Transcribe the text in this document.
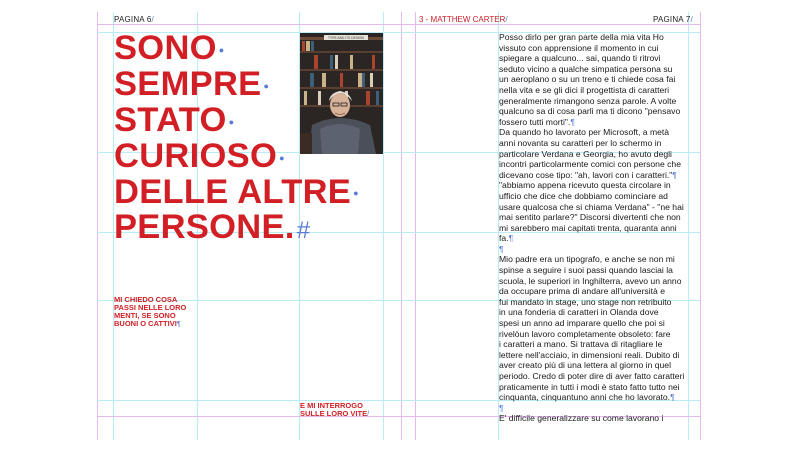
PAGINA 6/	3 - MATTHEW CARTER/	PAGINA 7/
SONO ●
SEMPRE ●
STATO ●
CURIOSO ●
DELLE ALTRE ●
PERSONE.#
TYPE AND ITS DESIGN

MI CHIEDO COSA
PASSI NELLE LORO
MENTI, SE SONO
BUONI O CATTIVI¶

E MI INTERROGO
SULLE LORO VITE/

Posso dirlo per gran parte della mia vita Ho

vissuto con apprensione il momento in cui

spiegare a qualcuno... sai, quando ti ritrovi

seduto vicino a qualche simpatica persona su

un aeroplano o su un treno e ti chiede cosa fai

nella vita e se gli dici il progettista di caratteri

generalmente rimangono senza parole. A volte

qualcuno sa di cosa parli ma ti dicono "pensavo

fossero tutti morti".¶

Da quando ho lavorato per Microsoft, a metà

anni novanta su caratteri per lo schermo in

particolare Verdana e Georgia, ho avuto degli

incontri particolarmente comici con persone che

dicevano cose tipo: "ah, lavori con i caratteri."¶

"abbiamo appena ricevuto questa circolare in

ufficio che dice che dobbiamo cominciare ad

usare qualcosa che si chiama Verdana" - "ne hai

mai sentito parlare?" Discorsi divertenti che non

mi sarebbero mai capitati trenta, quaranta anni

fa.¶

¶

Mio padre era un tipografo, e anche se non mi

spinse a seguire i suoi passi quando lasciai la

scuola, le superiori in Inghilterra, avevo un anno

da occupare prima di andare all'università e

fui mandato in stage, uno stage non retribuito

in una fonderia di caratteri in Olanda dove

spesi un anno ad imparare quello che poi si

rivelòun lavoro completamente obsoleto: fare

i caratteri a mano. Si trattava di ritagliare le

lettere nell'acciaio, in dimensioni reali. Dubito di

aver creato più di una lettera al giorno in quel

periodo. Credo di poter dire di aver fatto caratteri

praticamente in tutti i modi è stato fatto tutto nei

cinquanta, cinquantuno anni che ho lavorato.¶

¶

E' difficile generalizzare su come lavorano i
